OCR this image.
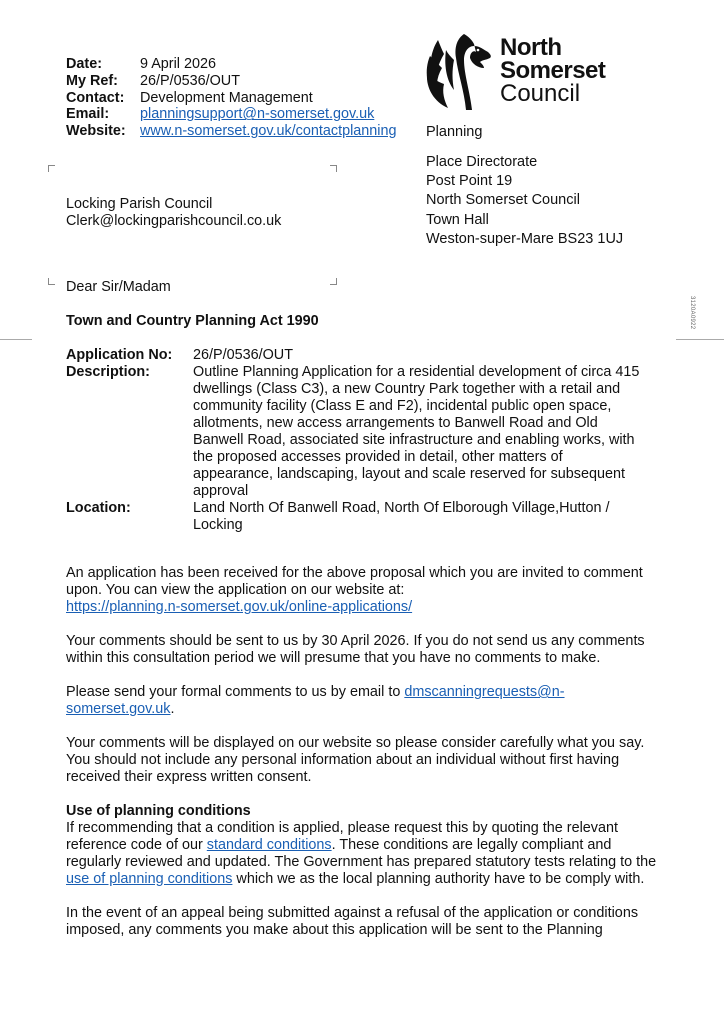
Date:	9 April 2026
My Ref:	26/P/0536/OUT
Contact:	Development Management
Email:	planningsupport@n-somerset.gov.uk
Website: www.n-somerset.gov.uk/contactplanning
North
Somerset
Council
Planning
Place Directorate
Post Point 19
North Somerset Council
Town Hall
Weston-super-Mare BS23 1UJ
Locking Parish Council
Clerk@lockingparishcouncil.co.uk
Dear Sir/Madam
3120A0922
Town and Country Planning Act 1990
Application No:	26/P/0536/OUT
Description:	Outline Planning Application for a residential development of circa 415 dwellings (Class C3), a new Country Park together with a retail and community facility (Class E and F2), incidental public open space, allotments, new access arrangements to Banwell Road and Old Banwell Road, associated site infrastructure and enabling works, with the proposed accesses provided in detail, other matters of appearance, landscaping, layout and scale reserved for subsequent approval
Location:	Land North Of Banwell Road, North Of Elborough Village,Hutton / Locking

An application has been received for the above proposal which you are invited to comment upon. You can view the application on our website at:
https://planning.n-somerset.gov.uk/online-applications/

Your comments should be sent to us by 30 April 2026. If you do not send us any comments within this consultation period we will presume that you have no comments to make.

Please send your formal comments to us by email to dmscanningrequests@n-somerset.gov.uk.

Your comments will be displayed on our website so please consider carefully what you say. You should not include any personal information about an individual without first having received their express written consent.

Use of planning conditions
If recommending that a condition is applied, please request this by quoting the relevant reference code of our standard conditions. These conditions are legally compliant and regularly reviewed and updated. The Government has prepared statutory tests relating to the use of planning conditions which we as the local planning authority have to be comply with.

In the event of an appeal being submitted against a refusal of the application or conditions imposed, any comments you make about this application will be sent to the Planning
